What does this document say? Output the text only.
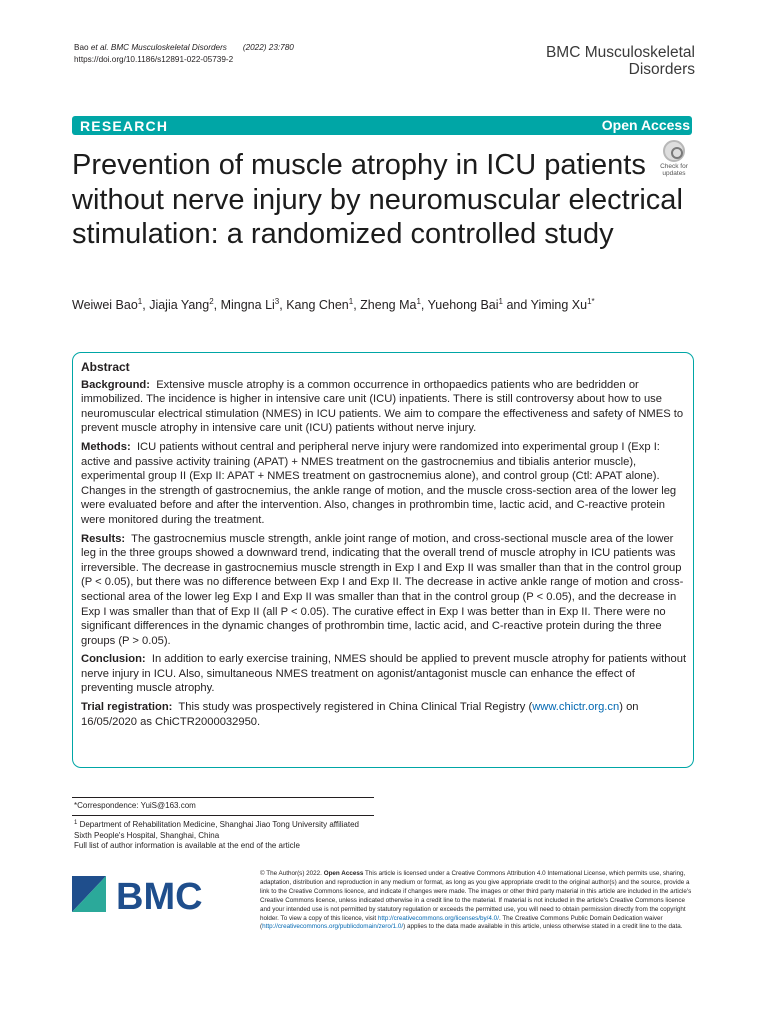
Bao et al. BMC Musculoskeletal Disorders (2022) 23:780
https://doi.org/10.1186/s12891-022-05739-2	BMC Musculoskeletal
Disorders
RESEARCH	Open Access
Check for
updates
Prevention of muscle atrophy in ICU patients without nerve injury by neuromuscular electrical stimulation: a randomized controlled study
Weiwei Bao$^1$, Jiajia Yang$^2$, Mingna Li$^3$, Kang Chen$^1$, Zheng Ma$^1$, Yuehong Bai$^1$ and Yiming $Xu^{1*}$
Abstract

Background: Extensive muscle atrophy is a common occurrence in orthopaedics patients who are bedridden or immobilized. The incidence is higher in intensive care unit (ICU) inpatients. There is still controversy about how to use neuromuscular electrical stimulation (NMES) in ICU patients. We aim to compare the effectiveness and safety of NMES to prevent muscle atrophy in intensive care unit (ICU) patients without nerve injury.

Methods: ICU patients without central and peripheral nerve injury were randomized into experimental group I (Exp I: active and passive activity training (APAT) + NMES treatment on the gastrocnemius and tibialis anterior muscle), experimental group II (Exp II: APAT + NMES treatment on gastrocnemius alone), and control group (Ctl: APAT alone). Changes in the strength of gastrocnemius, the ankle range of motion, and the muscle cross-section area of the lower leg were evaluated before and after the intervention. Also, changes in prothrombin time, lactic acid, and C-reactive protein were monitored during the treatment.

Results: The gastrocnemius muscle strength, ankle joint range of motion, and cross-sectional muscle area of the lower leg in the three groups showed a downward trend, indicating that the overall trend of muscle atrophy in ICU patients was irreversible. The decrease in gastrocnemius muscle strength in Exp I and Exp II was smaller than that in the control group (P < 0.05), but there was no difference between Exp I and Exp II. The decrease in active ankle range of motion and cross-sectional area of the lower leg Exp I and Exp II was smaller than that in the control group (P < 0.05), and the decrease in Exp I was smaller than that of Exp II (all P < 0.05). The curative effect in Exp I was better than in Exp II. There were no significant differences in the dynamic changes of prothrombin time, lactic acid, and C-reactive protein during the three groups (P > 0.05).

Conclusion: In addition to early exercise training, NMES should be applied to prevent muscle atrophy for patients without nerve injury in ICU. Also, simultaneous NMES treatment on agonist/antagonist muscle can enhance the effect of preventing muscle atrophy.

Trial registration: This study was prospectively registered in China Clinical Trial Registry (www.chictr.org.cn) on 16/05/2020 as ChiCTR2000032950.

*Correspondence: YuiS@163.com
$^1$ Department of Rehabilitation Medicine, Shanghai Jiao Tong University affiliated Sixth People's Hospital, Shanghai, China
Full list of author information is available at the end of the article
BMC
© The Author(s) 2022. Open Access This article is licensed under a Creative Commons Attribution 4.0 International License, which permits use, sharing, adaptation, distribution and reproduction in any medium or format, as long as you give appropriate credit to the original author(s) and the source, provide a link to the Creative Commons licence, and indicate if changes were made. The images or other third party material in this article are included in the article's Creative Commons licence, unless indicated otherwise in a credit line to the material. If material is not included in the article's Creative Commons licence and your intended use is not permitted by statutory regulation or exceeds the permitted use, you will need to obtain permission directly from the copyright holder. To view a copy of this licence, visit http://creativecommons.org/licenses/by/4.0/. The Creative Commons Public Domain Dedication waiver (http://creativecommons.org/publicdomain/zero/1.0/) applies to the data made available in this article, unless otherwise stated in a credit line to the data.
